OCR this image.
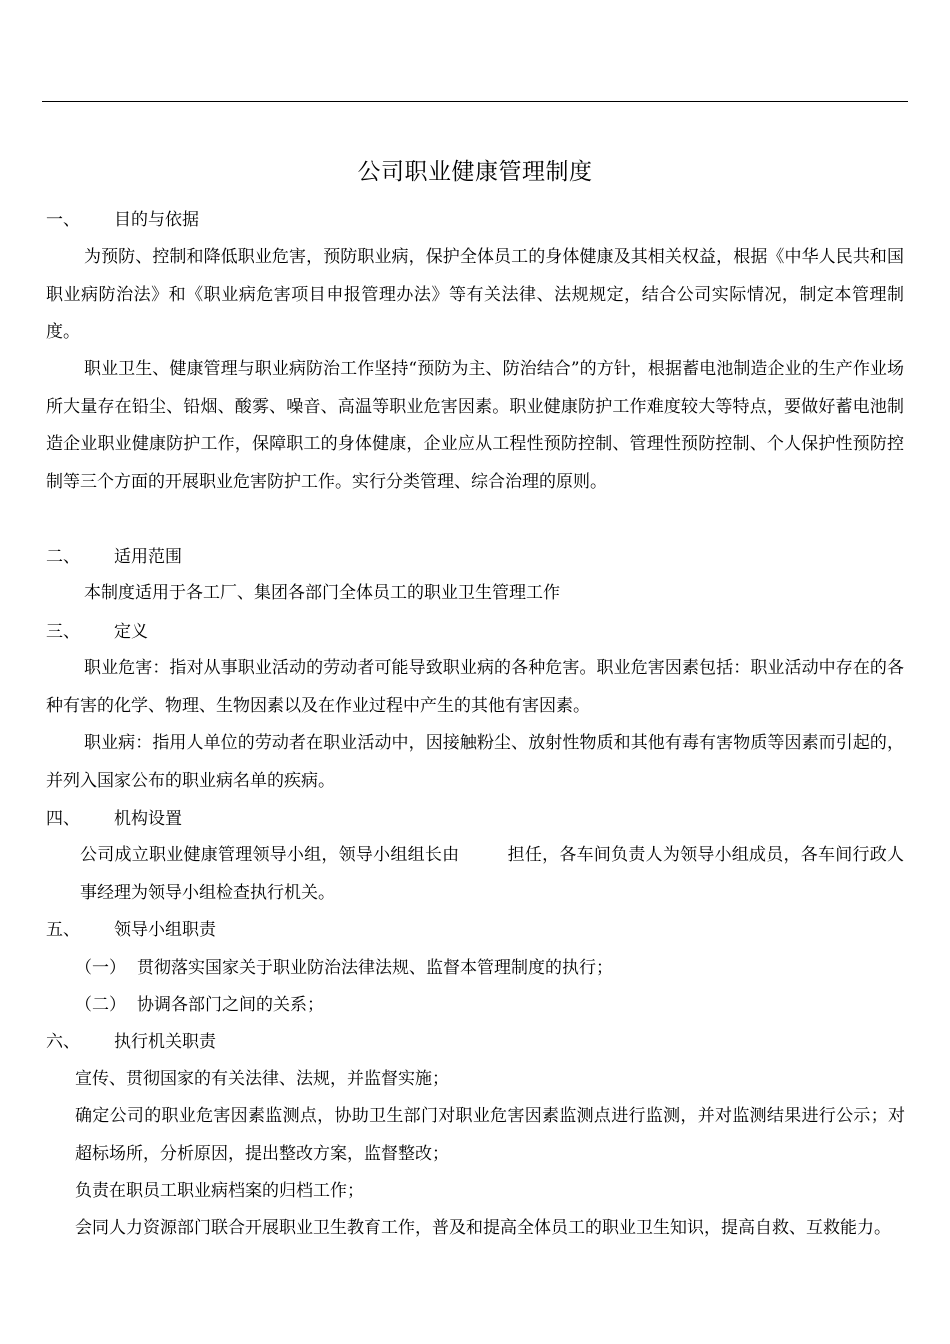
公司职业健康管理制度
一、 目的与依据

为预防、控制和降低职业危害，预防职业病，保护全体员工的身体健康及其相关权益，根据《中华人民共和国职业病防治法》和《职业病危害项目申报管理办法》等有关法律、法规规定，结合公司实际情况，制定本管理制度。

职业卫生、健康管理与职业病防治工作坚持“预防为主、防治结合”的方针，根据蓄电池制造企业的生产作业场所大量存在铅尘、铅烟、酸雾、噪音、高温等职业危害因素。职业健康防护工作难度较大等特点，要做好蓄电池制造企业职业健康防护工作，保障职工的身体健康，企业应从工程性预防控制、管理性预防控制、个人保护性预防控制等三个方面的开展职业危害防护工作。实行分类管理、综合治理的原则。

二、 适用范围

本制度适用于各工厂、集团各部门全体员工的职业卫生管理工作

三、 定义

职业危害：指对从事职业活动的劳动者可能导致职业病的各种危害。职业危害因素包括：职业活动中存在的各种有害的化学、物理、生物因素以及在作业过程中产生的其他有害因素。

职业病：指用人单位的劳动者在职业活动中，因接触粉尘、放射性物质和其他有毒有害物质等因素而引起的，并列入国家公布的职业病名单的疾病。

四、 机构设置

公司成立职业健康管理领导小组，领导小组组长由	担任，各车间负责人为领导小组成员，各车间行政人事经理为领导小组检查执行机关。

五、 领导小组职责
（一） 贯彻落实国家关于职业防治法律法规、监督本管理制度的执行；
（二） 协调各部门之间的关系；
六、 执行机关职责

宣传、贯彻国家的有关法律、法规，并监督实施；

确定公司的职业危害因素监测点，协助卫生部门对职业危害因素监测点进行监测，并对监测结果进行公示；对超标场所，分析原因，提出整改方案，监督整改；

负责在职员工职业病档案的归档工作；

会同人力资源部门联合开展职业卫生教育工作，普及和提高全体员工的职业卫生知识，提高自救、互救能力。
